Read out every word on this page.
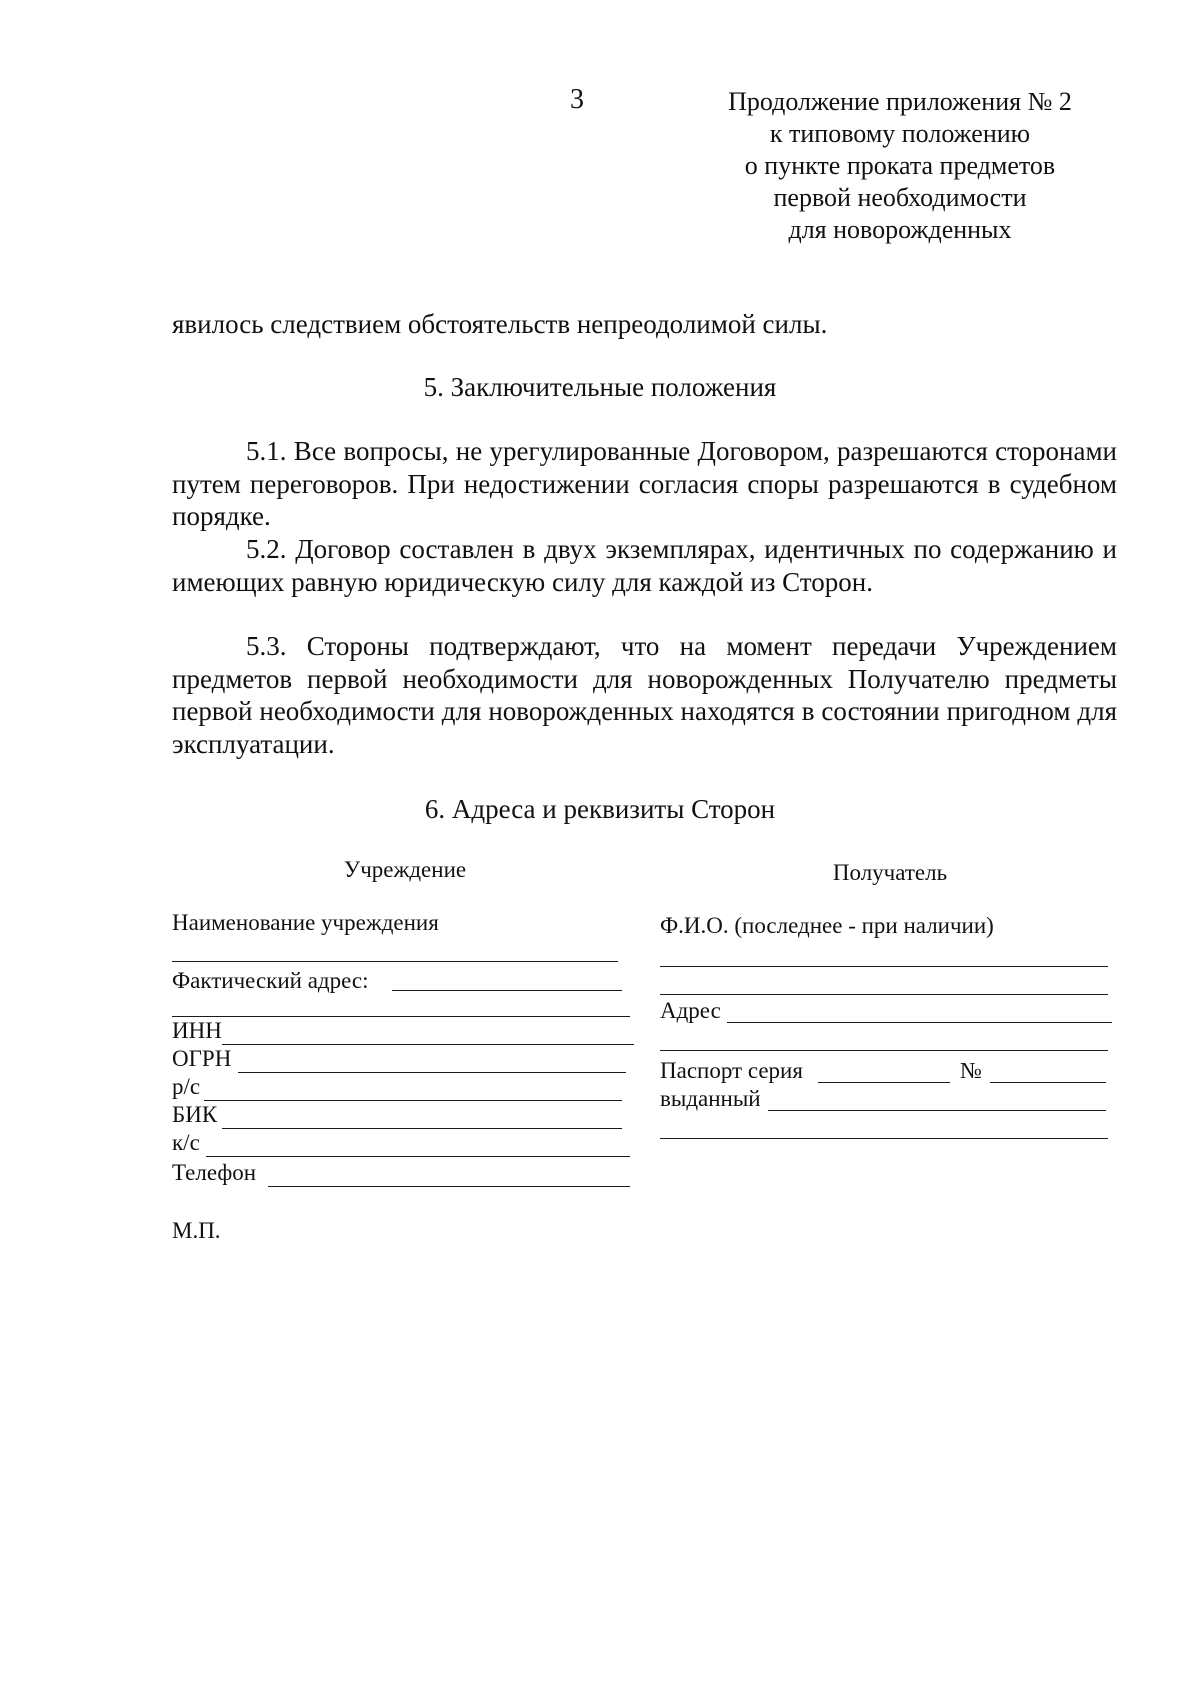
3	Продолжение приложения № 2
к типовому положению
о пункте проката предметов
первой необходимости
для новорожденных
явилось следствием обстоятельств непреодолимой силы.
5. Заключительные положения
5.1. Все вопросы, не урегулированные Договором, разрешаются сторонами путем переговоров. При недостижении согласия споры разрешаются в судебном порядке.
5.2. Договор составлен в двух экземплярах, идентичных по содержанию и имеющих равную юридическую силу для каждой из Сторон.
5.3. Стороны подтверждают, что на момент передачи Учреждением предметов первой необходимости для новорожденных Получателю предметы первой необходимости для новорожденных находятся в состоянии пригодном для эксплуатации.
6. Адреса и реквизиты Сторон
Учреждение
Наименование учреждения
Фактический адрес:
ИНН
ОГРН
р/с
БИК
к/с
Телефон
Получатель
Ф.И.О. (последнее - при наличии)
Адрес
Паспорт серия	№
выданный
М.П.
